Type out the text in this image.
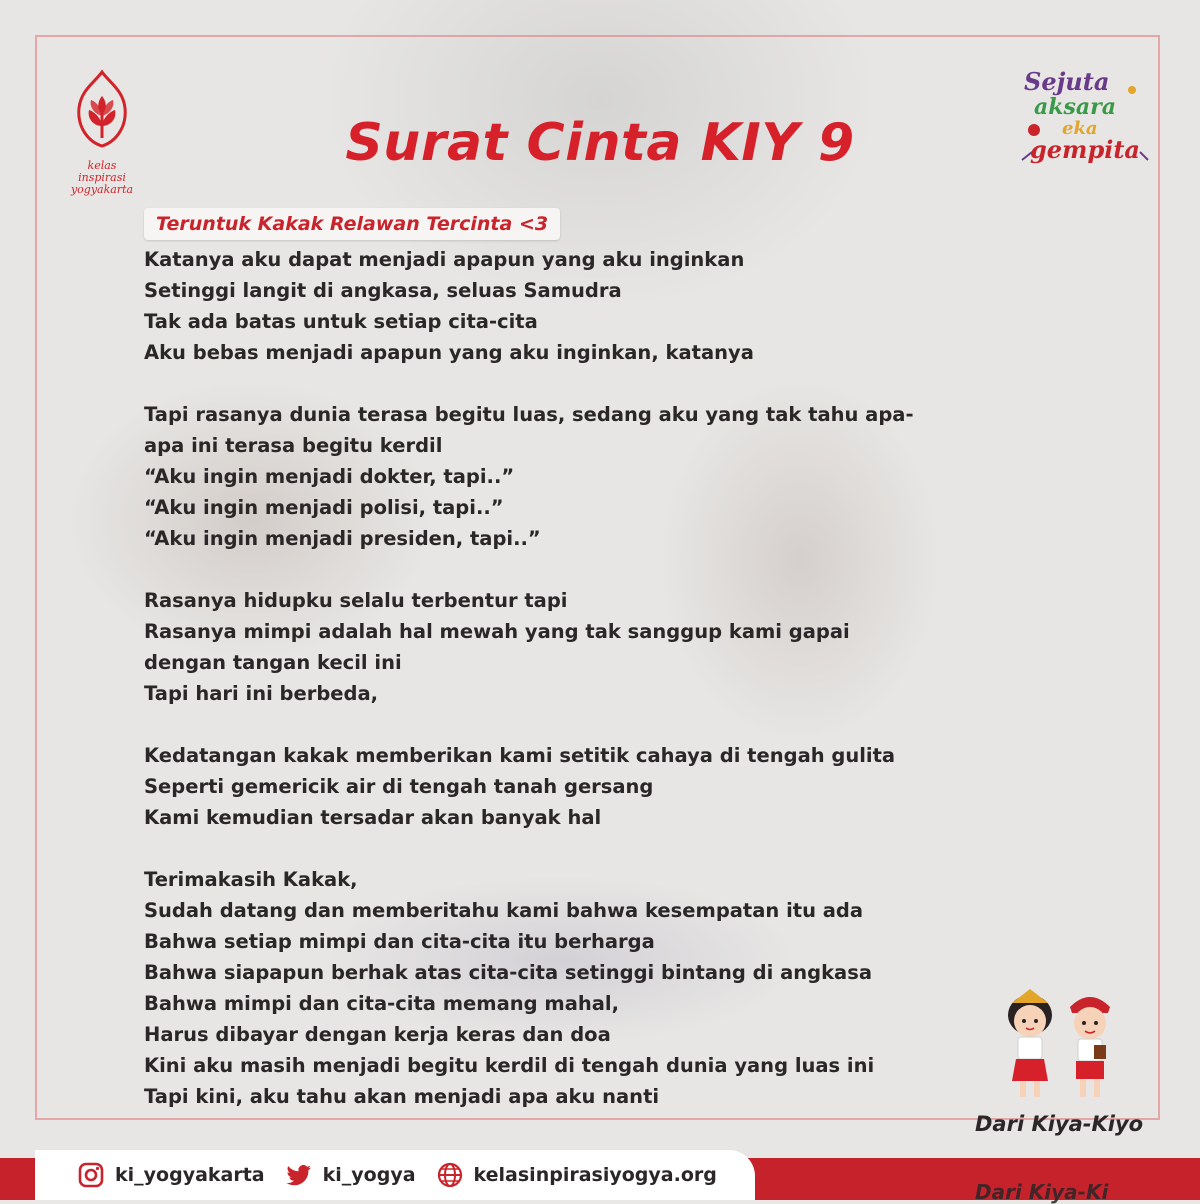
kelas inspirasi
yogyakarta
Surat Cinta KIY 9
Sejuta
aksara
eka
gempita
Teruntuk Kakak Relawan Tercinta <3
Katanya aku dapat menjadi apapun yang aku inginkan
Setinggi langit di angkasa, seluas Samudra
Tak ada batas untuk setiap cita-cita
Aku bebas menjadi apapun yang aku inginkan, katanya
Tapi rasanya dunia terasa begitu luas, sedang aku yang tak tahu apa-
apa ini terasa begitu kerdil
“Aku ingin menjadi dokter, tapi..”
“Aku ingin menjadi polisi, tapi..”
“Aku ingin menjadi presiden, tapi..”
Rasanya hidupku selalu terbentur tapi
Rasanya mimpi adalah hal mewah yang tak sanggup kami gapai
dengan tangan kecil ini
Tapi hari ini berbeda,
Kedatangan kakak memberikan kami setitik cahaya di tengah gulita
Seperti gemericik air di tengah tanah gersang
Kami kemudian tersadar akan banyak hal
Terimakasih Kakak,
Sudah datang dan memberitahu kami bahwa kesempatan itu ada
Bahwa setiap mimpi dan cita-cita itu berharga
Bahwa siapapun berhak atas cita-cita setinggi bintang di angkasa
Bahwa mimpi dan cita-cita memang mahal,
Harus dibayar dengan kerja keras dan doa
Kini aku masih menjadi begitu kerdil di tengah dunia yang luas ini
Tapi kini, aku tahu akan menjadi apa aku nanti
Dari Kiya-Kiyo
Dari Kiya-Ki
ki_yogyakarta	ki_yogya	kelasinpirasiyogya.org
